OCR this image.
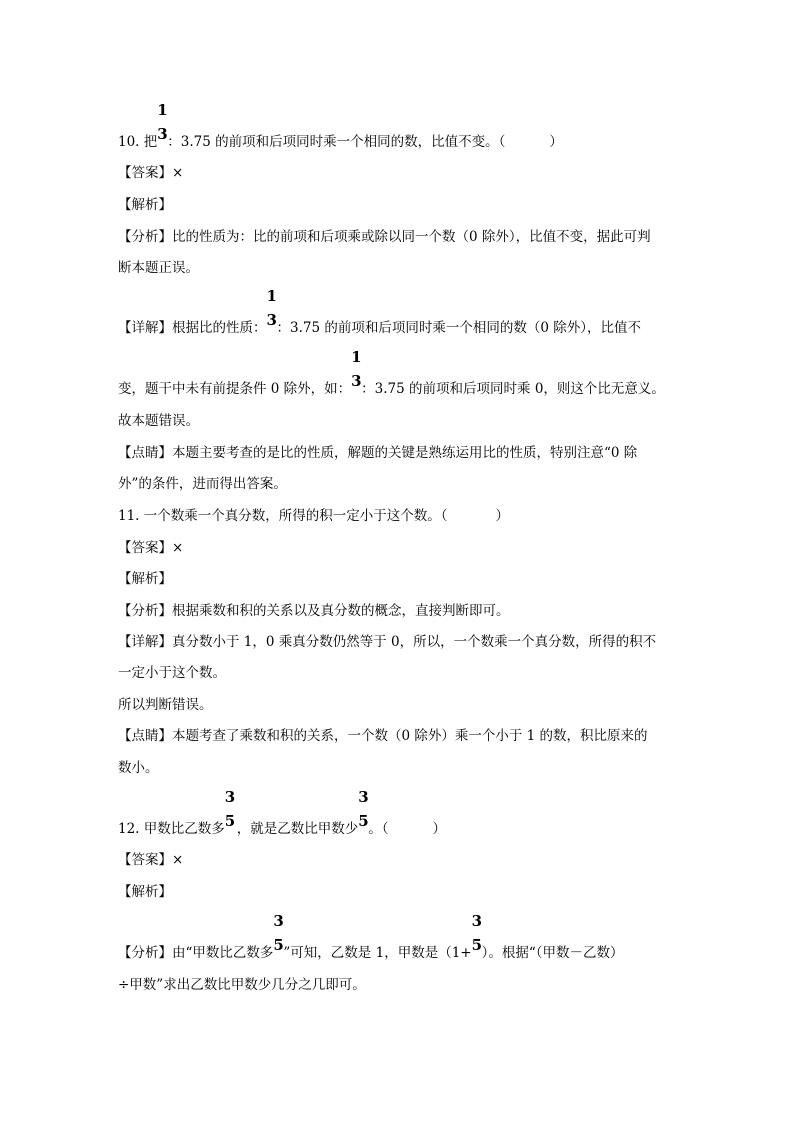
10. 把
1
3 ：3.75 的前项和后项同时乘一个相同的数，比值不变。（	）
【答案】×
【解析】
【分析】比的性质为：比的前项和后项乘或除以同一个数（0 除外），比值不变，据此可判
断本题正误。
【详解】根据比的性质：
1
3 ：3.75 的前项和后项同时乘一个相同的数（0 除外），比值不
变，题干中未有前提条件 0 除外，如：
1
3 ：3.75 的前项和后项同时乘 0，则这个比无意义。
故本题错误。
【点睛】本题主要考查的是比的性质，解题的关键是熟练运用比的性质，特别注意“0 除
外”的条件，进而得出答案。
11. 一个数乘一个真分数，所得的积一定小于这个数。（	）
【答案】×
【解析】
【分析】根据乘数和积的关系以及真分数的概念，直接判断即可。
【详解】真分数小于 1，0 乘真分数仍然等于 0，所以，一个数乘一个真分数，所得的积不
一定小于这个数。
所以判断错误。
【点睛】本题考查了乘数和积的关系，一个数（0 除外）乘一个小于 1 的数，积比原来的
数小。
12. 甲数比乙数多
3
5 ，就是乙数比甲数少
3
5 。（	）
【答案】×
【解析】
【分析】由“甲数比乙数多
3
5 ”可知，乙数是 1，甲数是（1+
3
5 ）。根据“（甲数－乙数）
÷甲数”求出乙数比甲数少几分之几即可。
